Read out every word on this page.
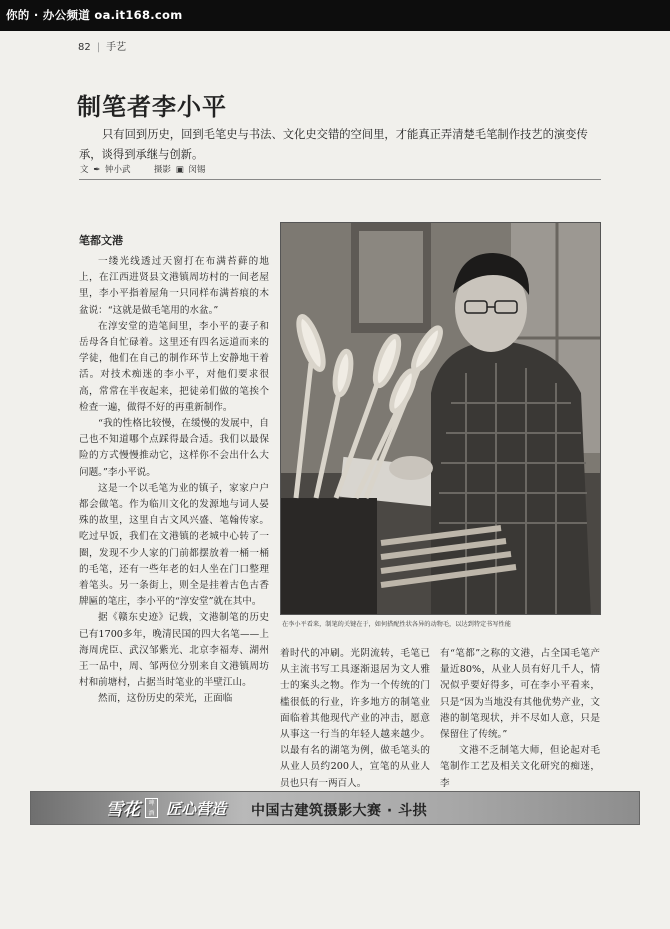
你的 · 办公频道 oa.it168.com
82 | 手艺
制笔者李小平

只有回到历史，回到毛笔史与书法、文化史交错的空间里，才能真正弄清楚毛笔制作技艺的演变传承，谈得到承继与创新。

文 ✒ 钟小武	摄影 ▣ 闵锡
笔都文港

一缕光线透过天窗打在布满苔藓的地上，在江西进贤县文港镇周坊村的一间老屋里，李小平指着屋角一只同样布满苔痕的木盆说：“这就是做毛笔用的水盆。”

在淳安堂的造笔间里，李小平的妻子和岳母各自忙碌着。这里还有四名远道而来的学徒，他们在自己的制作环节上安静地干着活。对技术痴迷的李小平，对他们要求很高，常常在半夜起来，把徒弟们做的笔挨个检查一遍，做得不好的再重新制作。

“我的性格比较慢，在缓慢的发展中，自己也不知道哪个点踩得最合适。我们以最保险的方式慢慢推动它，这样你不会出什么大问题。”李小平说。

这是一个以毛笔为业的镇子，家家户户都会做笔。作为临川文化的发源地与词人晏殊的故里，这里自古文风兴盛、笔翰传家。吃过早饭，我们在文港镇的老城中心转了一圈，发现不少人家的门前都摆放着一桶一桶的毛笔，还有一些年老的妇人坐在门口整理着笔头。另一条街上，则全是挂着古色古香牌匾的笔庄，李小平的“淳安堂”就在其中。

据《赣东史迹》记载，文港制笔的历史已有1700多年，晚清民国的四大名笔——上海周虎臣、武汉邹紫光、北京李福寿、湖州王一品中，周、邹两位分别来自文港镇周坊村和前塘村，占据当时笔业的半壁江山。

然而，这份历史的荣光，正面临

在李小平看来，制笔的关键在于，如何搭配性状各异的动物毛，以达到特定书写性能

着时代的冲刷。光阴流转，毛笔已从主流书写工具逐渐退居为文人雅士的案头之物。作为一个传统的门槛很低的行业，许多地方的制笔业面临着其他现代产业的冲击，愿意从事这一行当的年轻人越来越少。以最有名的湖笔为例，做毛笔头的从业人员约200人，宣笔的从业人员也只有一两百人。

有“笔都”之称的文港，占全国毛笔产量近80%，从业人员有好几千人，情况似乎要好得多，可在李小平看来，只是“因为当地没有其他优势产业，文港的制笔现状，并不尽如人意，只是保留住了传统。”

文港不乏制笔大师，但论起对毛笔制作工艺及相关文化研究的痴迷，李

雪花	啤酒 匠心营造 中国古建筑摄影大赛 · 斗拱
